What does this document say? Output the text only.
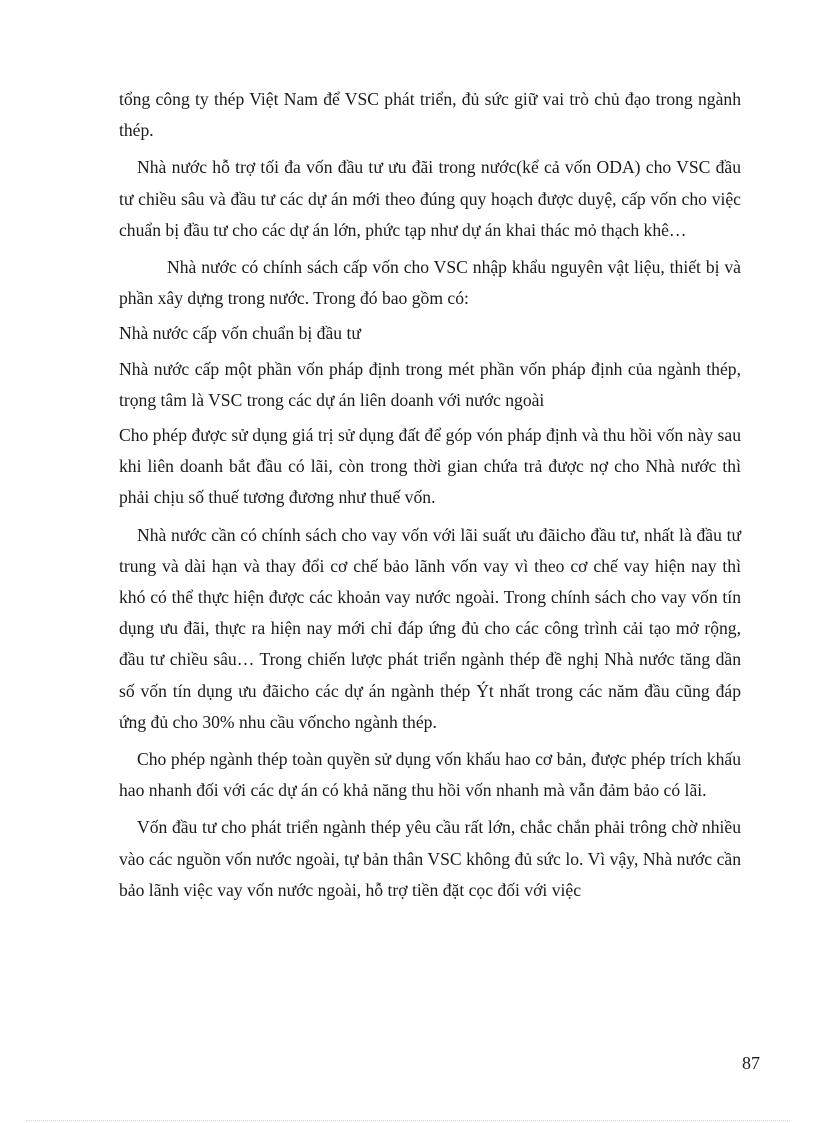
tổng công ty thép Việt Nam để VSC phát triển, đủ sức giữ vai trò chủ đạo trong ngành thép.

Nhà nước hỗ trợ tối đa vốn đầu tư ưu đãi trong nước(kể cả vốn ODA) cho VSC đầu tư chiều sâu và đầu tư các dự án mới theo đúng quy hoạch được duyệ, cấp vốn cho việc chuẩn bị đầu tư cho các dự án lớn, phức tạp như dự án khai thác mỏ thạch khê…

Nhà nước có chính sách cấp vốn cho VSC nhập khẩu nguyên vật liệu, thiết bị và phần xây dựng trong nước. Trong đó bao gồm có:

Nhà nước cấp vốn chuẩn bị đầu tư

Nhà nước cấp một phần vốn pháp định trong mét phần vốn pháp định của ngành thép, trọng tâm là VSC trong các dự án liên doanh với nước ngoài

Cho phép được sử dụng giá trị sử dụng đất để góp vón pháp định và thu hồi vốn này sau khi liên doanh bắt đầu có lãi, còn trong thời gian chứa trả được nợ cho Nhà nước thì phải chịu số thuế tương đương như thuế vốn.

Nhà nước cần có chính sách cho vay vốn với lãi suất ưu đãicho đầu tư, nhất là đầu tư trung và dài hạn và thay đổi cơ chế bảo lãnh vốn vay vì theo cơ chế vay hiện nay thì khó có thể thực hiện được các khoản vay nước ngoài. Trong chính sách cho vay vốn tín dụng ưu đãi, thực ra hiện nay mới chỉ đáp ứng đủ cho các công trình cải tạo mở rộng, đầu tư chiều sâu… Trong chiến lược phát triển ngành thép đề nghị Nhà nước tăng dần số vốn tín dụng ưu đãicho các dự án ngành thép Ýt nhất trong các năm đầu cũng đáp ứng đủ cho 30% nhu cầu vốncho ngành thép.

Cho phép ngành thép toàn quyền sử dụng vốn khấu hao cơ bản, được phép trích khấu hao nhanh đối với các dự án có khả năng thu hồi vốn nhanh mà vẫn đảm bảo có lãi.

Vốn đầu tư cho phát triển ngành thép yêu cầu rất lớn, chắc chắn phải trông chờ nhiều vào các nguồn vốn nước ngoài, tự bản thân VSC không đủ sức lo. Vì vậy, Nhà nước cần bảo lãnh việc vay vốn nước ngoài, hỗ trợ tiền đặt cọc đối với việc

87
